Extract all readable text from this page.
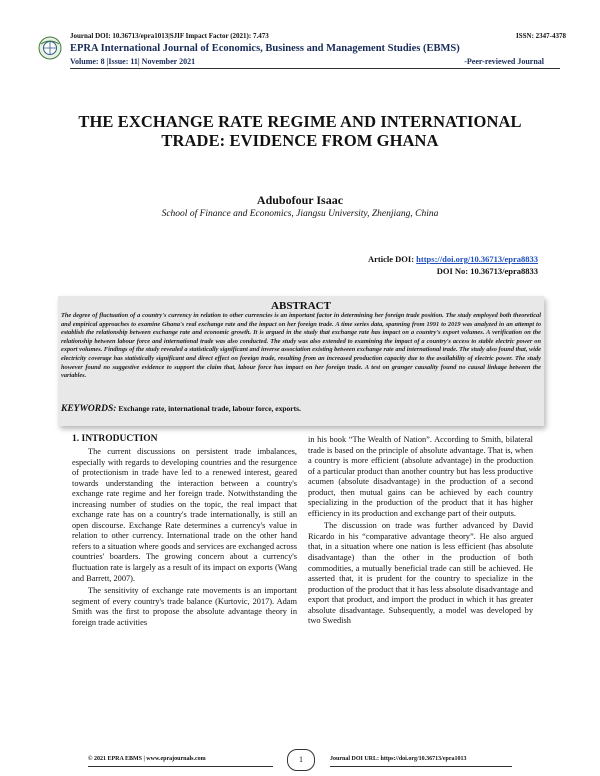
Journal DOI: 10.36713/epra1013|SJIF Impact Factor (2021): 7.473	ISSN: 2347-4378
EPRA International Journal of Economics, Business and Management Studies (EBMS)
Volume: 8 |Issue: 11| November 2021	-Peer-reviewed Journal
THE EXCHANGE RATE REGIME AND INTERNATIONAL
TRADE: EVIDENCE FROM GHANA
Adubofour Isaac
School of Finance and Economics, Jiangsu University, Zhenjiang, China
Article DOI: https://doi.org/10.36713/epra8833
DOI No: 10.36713/epra8833
ABSTRACT
The degree of fluctuation of a country's currency in relation to other currencies is an important factor in determining her foreign trade position. The study employed both theoretical and empirical approaches to examine Ghana's real exchange rate and the impact on her foreign trade. A time series data, spanning from 1991 to 2019 was analyzed in an attempt to establish the relationship between exchange rate and economic growth. It is argued in the study that exchange rate has impact on a country's export volumes. A verification on the relationship between labour force and international trade was also conducted. The study was also extended to examining the impact of a country's access to stable electric power on export volumes. Findings of the study revealed a statistically significant and inverse association existing between exchange rate and international trade. The study also found that, wide electricity coverage has statistically significant and direct effect on foreign trade, resulting from an increased production capacity due to the availability of electric power. The study however found no suggestive evidence to support the claim that, labour force has impact on her foreign trade. A test on granger causality found no causal linkage between the variables.
KEYWORDS: Exchange rate, international trade, labour force, exports.
1. INTRODUCTION

The current discussions on persistent trade imbalances, especially with regards to developing countries and the resurgence of protectionism in trade have led to a renewed interest, geared towards understanding the interaction between a country's exchange rate regime and her foreign trade. Notwithstanding the increasing number of studies on the topic, the real impact that exchange rate has on a country's trade internationally, is still an open discourse. Exchange Rate determines a currency's value in relation to other currency. International trade on the other hand refers to a situation where goods and services are exchanged across countries' boarders. The growing concern about a currency's fluctuation rate is largely as a result of its impact on exports (Wang and Barrett, 2007).

The sensitivity of exchange rate movements is an important segment of every country's trade balance (Kurtovic, 2017). Adam Smith was the first to propose the absolute advantage theory in foreign trade activities

in his book “The Wealth of Nation”. According to Smith, bilateral trade is based on the principle of absolute advantage. That is, when a country is more efficient (absolute advantage) in the production of a particular product than another country but has less productive acumen (absolute disadvantage) in the production of a second product, then mutual gains can be achieved by each country specializing in the production of the product that it has higher efficiency in its production and exchange part of their outputs.

The discussion on trade was further advanced by David Ricardo in his “comparative advantage theory”. He also argued that, in a situation where one nation is less efficient (has absolute disadvantage) than the other in the production of both commodities, a mutually beneficial trade can still be achieved. He asserted that, it is prudent for the country to specialize in the production of the product that it has less absolute disadvantage and export that product, and import the product in which it has greater absolute disadvantage. Subsequently, a model was developed by two Swedish

© 2021 EPRA EBMS | www.eprajournals.com	1	Journal DOI URL: https://doi.org/10.36713/epra1013
